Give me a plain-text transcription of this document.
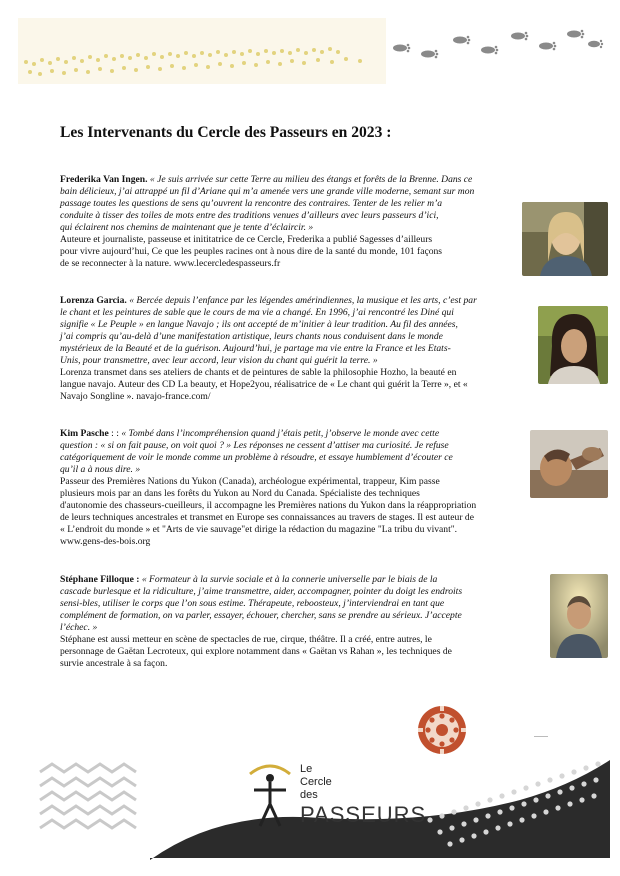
Les Intervenants du Cercle des Passeurs en 2023 :

Frederika Van Ingen. « Je suis arrivée sur cette Terre au milieu des étangs et forêts de la Brenne. Dans ce
bain délicieux, j’ai attrappé un fil d’Ariane qui m’a amenée vers une grande ville moderne, semant sur mon
passage toutes les questions de sens qu’ouvrent la rencontre des contraires. Tenter de les relier m’a
conduite à tisser des toiles de mots entre des traditions venues d’ailleurs avec leurs passeurs d’ici,
qui éclairent nos chemins de maintenant que je tente d’éclaircir. »

Auteure et journaliste, passeuse et inititatrice de ce Cercle, Frederika a publié Sagesses d’ailleurs
pour vivre aujourd’hui, Ce que les peuples racines ont à nous dire de la santé du monde, 101 façons
de se reconnecter à la nature. www.lecercledespasseurs.fr

Lorenza Garcia. « Bercée depuis l’enfance par les légendes amérindiennes, la musique et les arts, c’est par
le chant et les peintures de sable que le cours de ma vie a changé. En 1996, j’ai rencontré les Diné qui
signifie « Le Peuple » en langue Navajo ; ils ont accepté de m’initier à leur tradition. Au fil des années,
j’ai compris qu’au-delà d’une manifestation artistique, leurs chants nous conduisent dans le monde
mystérieux de la Beauté et de la guérison. Aujourd’hui, je partage ma vie entre la France et les Etats-
Unis, pour transmettre, avec leur accord, leur vision du chant qui guérit la terre. »

Lorenza transmet dans ses ateliers de chants et de peintures de sable la philosophie Hozho, la beauté en
langue navajo. Auteur des CD La beauty, et Hope2you, réalisatrice de « Le chant qui guérit la Terre », et «
Navajo Songline ». navajo-france.com/

Kim Pasche : : « Tombé dans l’incompréhension quand j’étais petit, j’observe le monde avec cette
question : « si on fait pause, on voit quoi ? » Les réponses ne cessent d’attiser ma curiosité. Je refuse
catégoriquement de voir le monde comme un problème à résoudre, et essaye humblement d’écouter ce
qu’il a à nous dire. »

Passeur des Premières Nations du Yukon (Canada), archéologue expérimental, trappeur, Kim passe
plusieurs mois par an dans les forêts du Yukon au Nord du Canada. Spécialiste des techniques
d'autonomie des chasseurs-cueilleurs, il accompagne les Premières nations du Yukon dans la réappropriation
de leurs techniques ancestrales et transmet en Europe ses connaissances au travers de stages. Il est auteur de
« L’endroit du monde » et "Arts de vie sauvage"et dirige la rédaction du magazine "La tribu du vivant".
www.gens-des-bois.org

Stéphane Filloque : « Formateur à la survie sociale et à la connerie universelle par le biais de la
cascade burlesque et la ridiculture, j’aime transmettre, aider, accompagner, pointer du doigt les endroits
sensi-bles, utiliser le corps que l’on sous estime. Thérapeute, reboosteux, j’interviendrai en tant que
complément de formation, on va parler, essayer, échouer, chercher, sans se prendre au sérieux. J’accepte
l’échec. »

Stéphane est aussi metteur en scène de spectacles de rue, cirque, théâtre. Il a créé, entre autres, le
personnage de Gaëtan Lecroteux, qui explore notamment dans « Gaëtan vs Rahan », les techniques de
survie ancestrale à sa façon.

Le
Cercle
des
PASSEURS
